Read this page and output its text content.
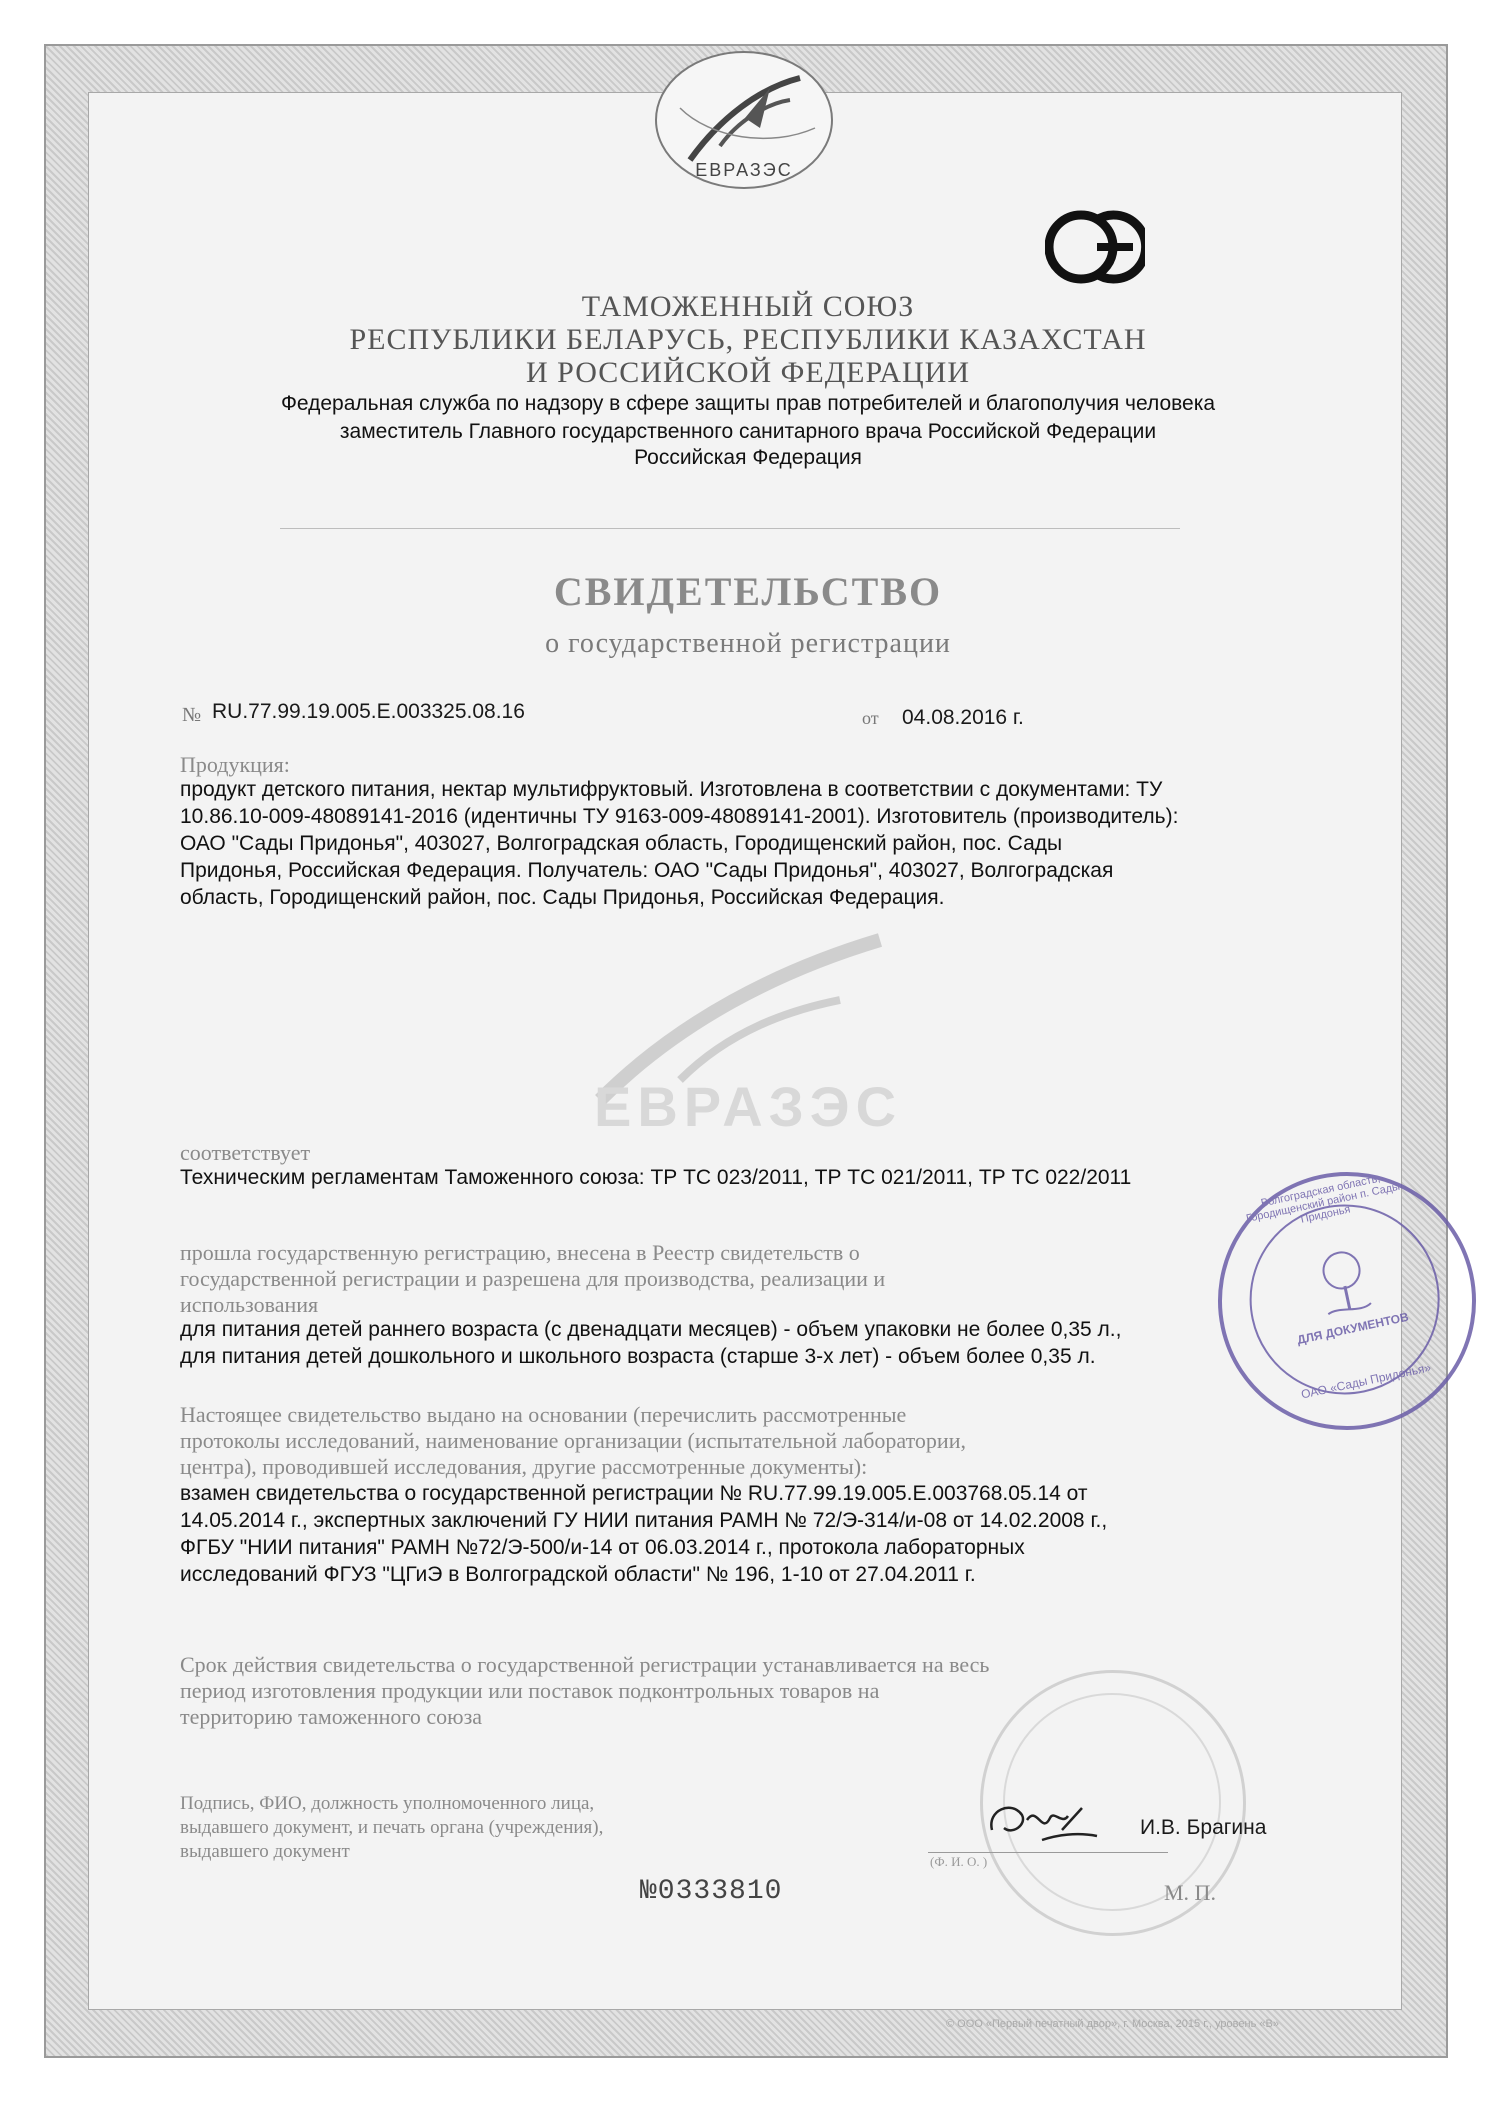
ЕВРАЗЭС
ТАМОЖЕННЫЙ СОЮЗ
РЕСПУБЛИКИ БЕЛАРУСЬ, РЕСПУБЛИКИ КАЗАХСТАН
И РОССИЙСКОЙ ФЕДЕРАЦИИ
Федеральная служба по надзору в сфере защиты прав потребителей и благополучия человека
заместитель Главного государственного санитарного врача Российской Федерации
Российская Федерация
СВИДЕТЕЛЬСТВО
о государственной регистрации
№ RU.77.99.19.005.Е.003325.08.16	от 04.08.2016 г.
Продукция:
продукт детского питания, нектар мультифруктовый. Изготовлена в соответствии с документами: ТУ
10.86.10-009-48089141-2016 (идентичны ТУ 9163-009-48089141-2001). Изготовитель (производитель):
ОАО "Сады Придонья", 403027, Волгоградская область, Городищенский район, пос. Сады
Придонья, Российская Федерация. Получатель: ОАО "Сады Придонья", 403027, Волгоградская
область, Городищенский район, пос. Сады Придонья, Российская Федерация.
ЕВРАЗЭС
соответствует
Техническим регламентам Таможенного союза: ТР ТС 023/2011, ТР ТС 021/2011, ТР ТС 022/2011
прошла государственную регистрацию, внесена в Реестр свидетельств о
государственной регистрации и разрешена для производства, реализации и
использования
для питания детей раннего возраста (с двенадцати месяцев) - объем упаковки не более 0,35 л.,
для питания детей дошкольного и школьного возраста (старше 3-х лет) - объем более 0,35 л.
Настоящее свидетельство выдано на основании (перечислить рассмотренные
протоколы исследований, наименование организации (испытательной лаборатории,
центра), проводившей исследования, другие рассмотренные документы):
взамен свидетельства о государственной регистрации № RU.77.99.19.005.Е.003768.05.14 от
14.05.2014 г., экспертных заключений ГУ НИИ питания РАМН № 72/Э-314/и-08 от 14.02.2008 г.,
ФГБУ "НИИ питания" РАМН №72/Э-500/и-14 от 06.03.2014 г., протокола лабораторных
исследований ФГУЗ "ЦГиЭ в Волгоградской области" № 196, 1-10 от 27.04.2011 г.
Срок действия свидетельства о государственной регистрации устанавливается на весь
период изготовления продукции или поставок подконтрольных товаров на
территорию таможенного союза
Подпись, ФИО, должность уполномоченного лица,
выдавшего документ, и печать органа (учреждения),
выдавшего документ
И.В. Брагина
(Ф. И. О. )
М. П.
№0333810
© ООО «Первый печатный двор», г. Москва, 2015 г., уровень «В»
ДЛЯ ДОКУМЕНТОВ
Волгоградская область, Городищенский район п. Сады Придонья
ОАО «Сады Придонья»
